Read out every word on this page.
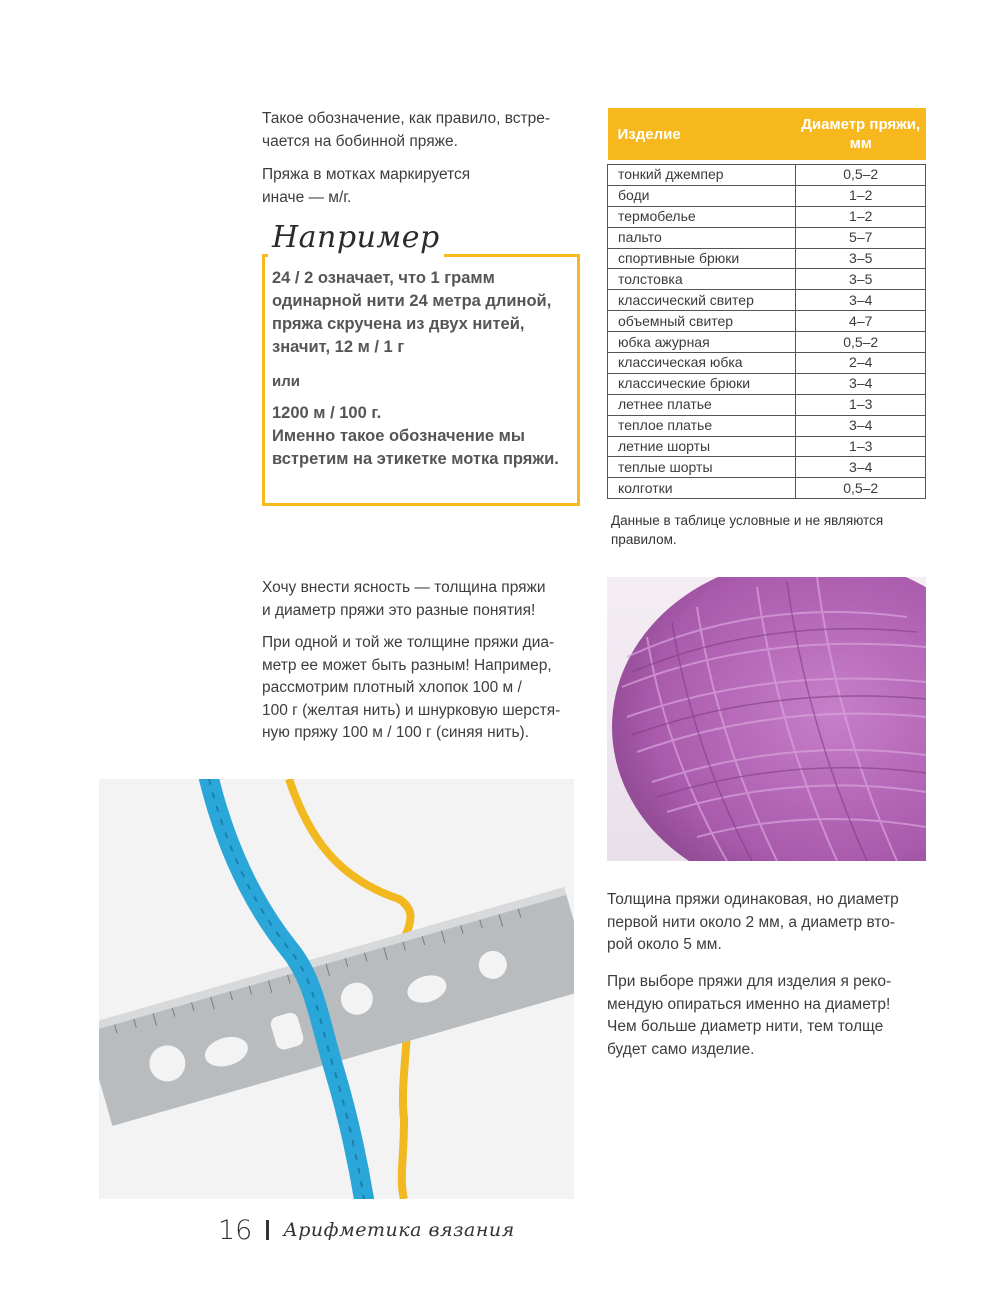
Такое обозначение, как правило, встре-
чается на бобинной пряже.

Пряжа в мотках маркируется
иначе — м/г.

Например

24 / 2 означает, что 1 грамм одинарной нити 24 метра длиной, пряжа скручена из двух нитей, значит, 12 м / 1 г

или

1200 м / 100 г.
Именно такое обозначение мы встретим на этикетке мотка пряжи.

Изделие	Диаметр пряжи, мм

тонкий джемпер	0,5–2
боди	1–2
термобелье	1–2
пальто	5–7
спортивные брюки	3–5
толстовка	3–5
классический свитер	3–4
объемный свитер	4–7
юбка ажурная	0,5–2
классическая юбка	2–4
классические брюки	3–4
летнее платье	1–3
теплое платье	3–4
летние шорты	1–3
теплые шорты	3–4
колготки	0,5–2

Данные в таблице условные и не являются правилом.

Хочу внести ясность — толщина пряжи
и диаметр пряжи это разные понятия!

При одной и той же толщине пряжи диа-
метр ее может быть разным! Например,
рассмотрим плотный хлопок 100 м /
100 г (желтая нить) и шнурковую шерстя-
ную пряжу 100 м / 100 г (синяя нить).

Толщина пряжи одинаковая, но диаметр
первой нити около 2 мм, а диаметр вто-
рой около 5 мм.

При выборе пряжи для изделия я реко-
мендую опираться именно на диаметр!
Чем больше диаметр нити, тем толще
будет само изделие.

16 Арифметика вязания
